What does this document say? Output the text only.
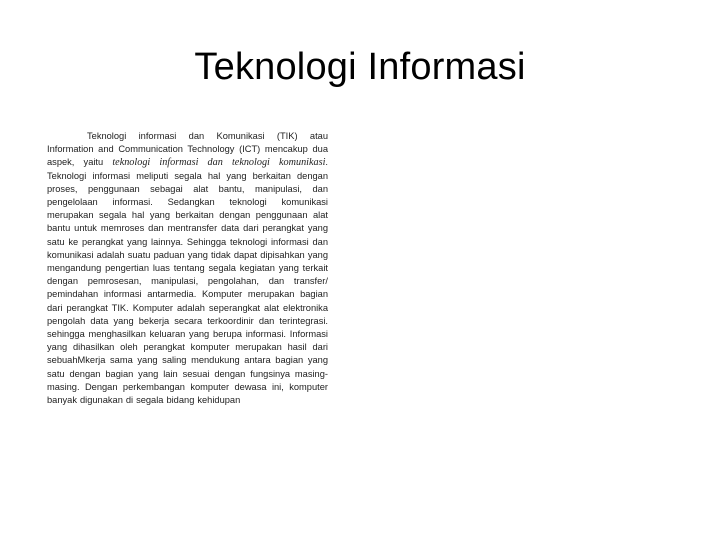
Teknologi Informasi

Teknologi informasi dan Komunikasi (TIK) atau Information and Communication Technology (ICT) mencakup dua aspek, yaitu teknologi informasi dan teknologi komunikasi. Teknologi informasi meliputi segala hal yang berkaitan dengan proses, penggunaan sebagai alat bantu, manipulasi, dan pengelolaan informasi. Sedangkan teknologi komunikasi merupakan segala hal yang berkaitan dengan penggunaan alat bantu untuk memroses dan mentransfer data dari perangkat yang satu ke perangkat yang lainnya. Sehingga teknologi informasi dan komunikasi adalah suatu paduan yang tidak dapat dipisahkan yang mengandung pengertian luas tentang segala kegiatan yang terkait dengan pemrosesan, manipulasi, pengolahan, dan transfer/ pemindahan informasi antarmedia. Komputer merupakan bagian dari perangkat TIK. Komputer adalah seperangkat alat elektronika pengolah data yang bekerja secara terkoordinir dan terintegrasi. sehingga menghasilkan keluaran yang berupa informasi. Informasi yang dihasilkan oleh perangkat komputer merupakan hasil dari sebuahMkerja sama yang saling mendukung antara bagian yang satu dengan bagian yang lain sesuai dengan fungsinya masing-masing. Dengan perkembangan komputer dewasa ini, komputer banyak digunakan di segala bidang kehidupan
